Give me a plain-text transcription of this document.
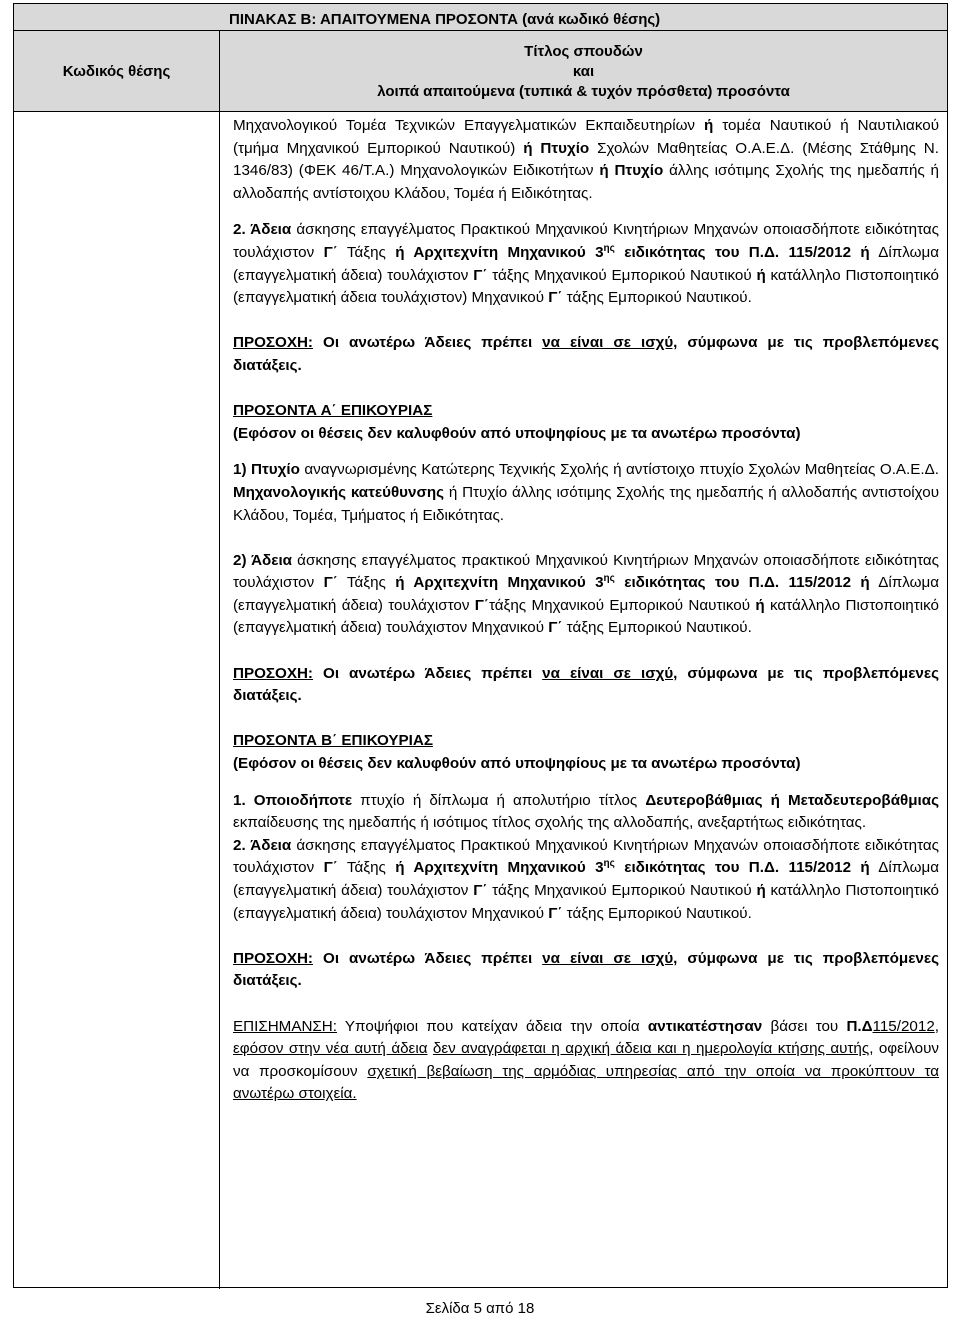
ΠΙΝΑΚΑΣ Β: ΑΠΑΙΤΟΥΜΕΝΑ ΠΡΟΣΟΝΤΑ (ανά κωδικό θέσης)
Κωδικός θέσης
Τίτλος σπουδών
και
λοιπά απαιτούμενα (τυπικά & τυχόν πρόσθετα) προσόντα

Μηχανολογικού Τομέα Τεχνικών Επαγγελματικών Εκπαιδευτηρίων ή τομέα Ναυτικού ή Ναυτιλιακού (τμήμα Μηχανικού Εμπορικού Ναυτικού) ή Πτυχίο Σχολών Μαθητείας Ο.Α.Ε.Δ. (Μέσης Στάθμης Ν. 1346/83) (ΦΕΚ 46/Τ.Α.) Μηχανολογικών Ειδικοτήτων ή Πτυχίο άλλης ισότιμης Σχολής της ημεδαπής ή αλλοδαπής αντίστοιχου Κλάδου, Τομέα ή Ειδικότητας.

2. Άδεια άσκησης επαγγέλματος Πρακτικού Μηχανικού Κινητήριων Μηχανών οποιασδήποτε ειδικότητας τουλάχιστον Γ΄ Τάξης ή Αρχιτεχνίτη Μηχανικού $3^{\eta\varsigma}$ ειδικότητας του Π.Δ. 115/2012 ή Δίπλωμα (επαγγελματική άδεια) τουλάχιστον Γ΄ τάξης Μηχανικού Εμπορικού Ναυτικού ή κατάλληλο Πιστοποιητικό (επαγγελματική άδεια τουλάχιστον) Μηχανικού Γ΄ τάξης Εμπορικού Ναυτικού.

ΠΡΟΣΟΧΗ: Οι ανωτέρω Άδειες πρέπει να είναι σε ισχύ, σύμφωνα με τις προβλεπόμενες διατάξεις.

ΠΡΟΣΟΝΤΑ Α΄ ΕΠΙΚΟΥΡΙΑΣ

(Εφόσον οι θέσεις δεν καλυφθούν από υποψηφίους με τα ανωτέρω προσόντα)

1) Πτυχίο αναγνωρισμένης Κατώτερης Τεχνικής Σχολής ή αντίστοιχο πτυχίο Σχολών Μαθητείας Ο.Α.Ε.Δ. Μηχανολογικής κατεύθυνσης ή Πτυχίο άλλης ισότιμης Σχολής της ημεδαπής ή αλλοδαπής αντιστοίχου Κλάδου, Τομέα, Τμήματος ή Ειδικότητας.

2) Άδεια άσκησης επαγγέλματος πρακτικού Μηχανικού Κινητήριων Μηχανών οποιασδήποτε ειδικότητας τουλάχιστον Γ΄ Τάξης ή Αρχιτεχνίτη Μηχανικού $3^{\eta\varsigma}$ ειδικότητας του Π.Δ. 115/2012 ή Δίπλωμα (επαγγελματική άδεια) τουλάχιστον Γ΄τάξης Μηχανικού Εμπορικού Ναυτικού ή κατάλληλο Πιστοποιητικό (επαγγελματική άδεια) τουλάχιστον Μηχανικού Γ΄ τάξης Εμπορικού Ναυτικού.

ΠΡΟΣΟΧΗ: Οι ανωτέρω Άδειες πρέπει να είναι σε ισχύ, σύμφωνα με τις προβλεπόμενες διατάξεις.

ΠΡΟΣΟΝΤΑ Β΄ ΕΠΙΚΟΥΡΙΑΣ

(Εφόσον οι θέσεις δεν καλυφθούν από υποψηφίους με τα ανωτέρω προσόντα)

1. Οποιοδήποτε πτυχίο ή δίπλωμα ή απολυτήριο τίτλος Δευτεροβάθμιας ή Μεταδευτεροβάθμιας εκπαίδευσης της ημεδαπής ή ισότιμος τίτλος σχολής της αλλοδαπής, ανεξαρτήτως ειδικότητας.

2. Άδεια άσκησης επαγγέλματος Πρακτικού Μηχανικού Κινητήριων Μηχανών οποιασδήποτε ειδικότητας τουλάχιστον Γ΄ Τάξης ή Αρχιτεχνίτη Μηχανικού $3^{\eta\varsigma}$ ειδικότητας του Π.Δ. 115/2012 ή Δίπλωμα (επαγγελματική άδεια) τουλάχιστον Γ΄ τάξης Μηχανικού Εμπορικού Ναυτικού ή κατάλληλο Πιστοποιητικό (επαγγελματική άδεια) τουλάχιστον Μηχανικού Γ΄ τάξης Εμπορικού Ναυτικού.

ΠΡΟΣΟΧΗ: Οι ανωτέρω Άδειες πρέπει να είναι σε ισχύ, σύμφωνα με τις προβλεπόμενες διατάξεις.

ΕΠΙΣΗΜΑΝΣΗ: Υποψήφιοι που κατείχαν άδεια την οποία αντικατέστησαν βάσει του Π.Δ115/2012, εφόσον στην νέα αυτή άδεια δεν αναγράφεται η αρχική άδεια και η ημερολογία κτήσης αυτής, οφείλουν να προσκομίσουν σχετική βεβαίωση της αρμόδιας υπηρεσίας από την οποία να προκύπτουν τα ανωτέρω στοιχεία.

Σελίδα 5 από 18
